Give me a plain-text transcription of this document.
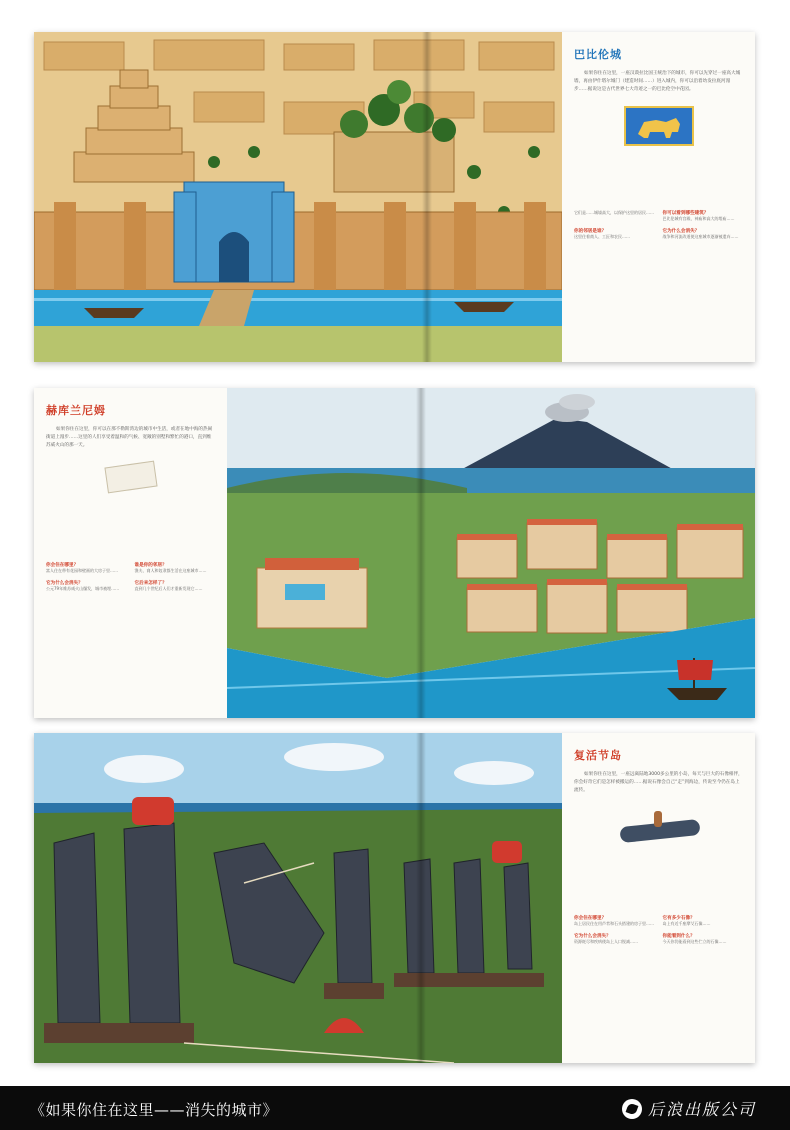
巴比伦城

如果你住在这里，一座汉谟拉比国王统治下的城市，你可以先穿过一座高大城墙，再由伊什塔尔城门（建造时间……）进入城内，你可以沿着幼发拉底河漫步……据说这是古代世界七大奇迹之一的巴比伦空中花园。

它们是……城墙高大，以保护这里的居民…… 你可以看到哪些建筑？
巴比伦城有宫殿、神庙和高大的塔庙……
你的邻居是谁？
这里住着商人、工匠和农民……
它为什么会消失？
战争和河流改道使这座城市逐渐被遗弃……
赫库兰尼姆

如果你住在这里，你可以在那不勒斯湾边的城市中生活，或者在地中海的热闹街道上漫步……这里的人们享受着温和的气候、宽敞的别墅和繁忙的港口，直到维苏威火山的那一天。

你会住在哪里？
富人住在带有花园和壁画的大房子里……
谁是你的邻居？
渔夫、商人和奴隶都生活在这座城市……
它为什么会消失？
公元79年维苏威火山爆发，城市被埋……
它后来怎样了？
直到几个世纪后人们才重新发现它……
复活节岛

如果你住在这里，一座远离陆地3000多公里的小岛，每天与巨大的石像相伴，你会好奇它们是怎样被搬运的……据说石像会自己“走”到海边，传说至今仍在岛上流传。

你会住在哪里？
岛上居民住在用芦苇和石头搭建的房子里……
它有多少石像？
岛上有近千座摩艾石像……
它为什么会消失？
资源耗尽和疾病使岛上人口锐减……
你能看到什么？
今天你仍能看到这些伫立的石像……
《如果你住在这里——消失的城市》	后浪出版公司
